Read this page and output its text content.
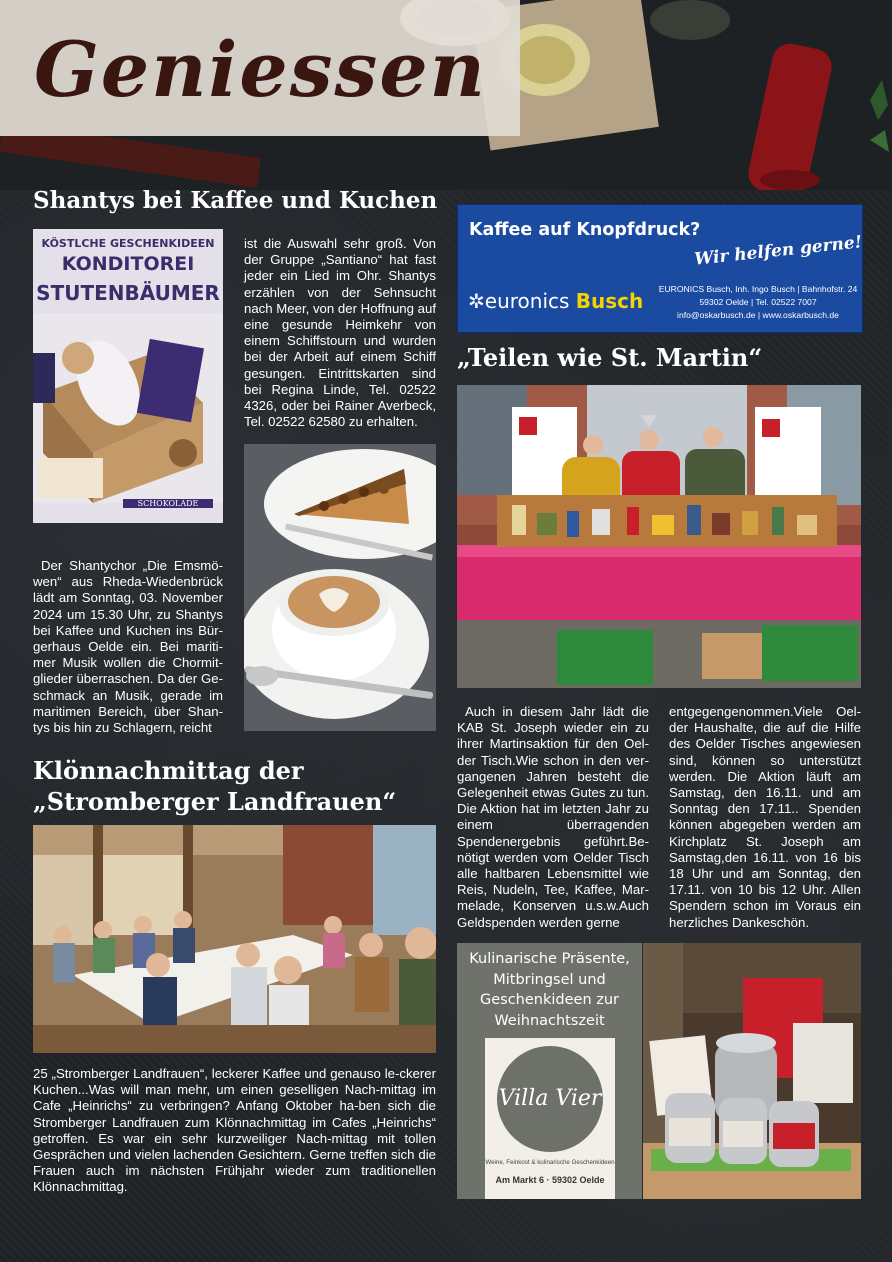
Geniessen
Shantys bei Kaffee und Kuchen
KÖSTLCHE GESCHENKIDEEN
KONDITOREI
STUTENBÄUMER
SCHOKOLADE

Der Shantychor „Die Emsmö-wen“ aus Rheda-Wiedenbrück lädt am Sonntag, 03. November 2024 um 15.30 Uhr, zu Shantys bei Kaffee und Kuchen ins Bür-gerhaus Oelde ein. Bei mariti-mer Musik wollen die Chormit-glieder überraschen. Da der Ge-schmack an Musik, gerade im maritimen Bereich, über Shan-tys bis hin zu Schlagern, reicht

ist die Auswahl sehr groß. Von der Gruppe „Santiano“ hat fast jeder ein Lied im Ohr. Shantys erzählen von der Sehnsucht nach Meer, von der Hoffnung auf eine gesunde Heimkehr von einem Schiffstourn und wurden bei der Arbeit auf einem Schiff gesungen. Eintrittskarten sind bei Regina Linde, Tel. 02522 4326, oder bei Rainer Averbeck, Tel. 02522 62580 zu erhalten.

Kaffee auf Knopfdruck?
Wir helfen gerne!
✲euronics Busch EURONICS Busch, Inh. Ingo Busch | Bahnhofstr. 24
59302 Oelde | Tel. 02522 7007
info@oskarbusch.de | www.oskarbusch.de
„Teilen wie St. Martin“

Auch in diesem Jahr lädt die KAB St. Joseph wieder ein zu ihrer Martinsaktion für den Oel-der Tisch.Wie schon in den ver-gangenen Jahren besteht die Gelegenheit etwas Gutes zu tun. Die Aktion hat im letzten Jahr zu einem überragenden Spendenergebnis geführt.Be-nötigt werden vom Oelder Tisch alle haltbaren Lebensmittel wie Reis, Nudeln, Tee, Kaffee, Mar-melade, Konserven u.s.w.Auch Geldspenden werden gerne

entgegengenommen.Viele Oel-der Haushalte, die auf die Hilfe des Oelder Tisches angewiesen sind, können so unterstützt werden. Die Aktion läuft am Samstag, den 16.11. und am Sonntag den 17.11.. Spenden können abgegeben werden am Kirchplatz St. Joseph am Samstag,den 16.11. von 16 bis 18 Uhr und am Sonntag, den 17.11. von 10 bis 12 Uhr. Allen Spendern schon im Voraus ein herzliches Dankeschön.

Klönnachmittag der
„Stromberger Landfrauen“

25 „Stromberger Landfrauen“, leckerer Kaffee und genauso le-ckerer Kuchen...Was will man mehr, um einen geselligen Nach-mittag im Cafe „Heinrichs“ zu verbringen? Anfang Oktober ha-ben sich die Stromberger Landfrauen zum Klönnachmittag im Cafes „Heinrichs“ getroffen. Es war ein sehr kurzweiliger Nach-mittag mit tollen Gesprächen und vielen lachenden Gesichtern. Gerne treffen sich die Frauen auch im nächsten Frühjahr wieder zum traditionellen Klönnachmittag.

Kulinarische Präsente, Mitbringsel und Geschenkideen zur Weihnachtszeit
Villa Vier
Weine, Feinkost & kulinarische Geschenkideen
Am Markt 6 · 59302 Oelde
